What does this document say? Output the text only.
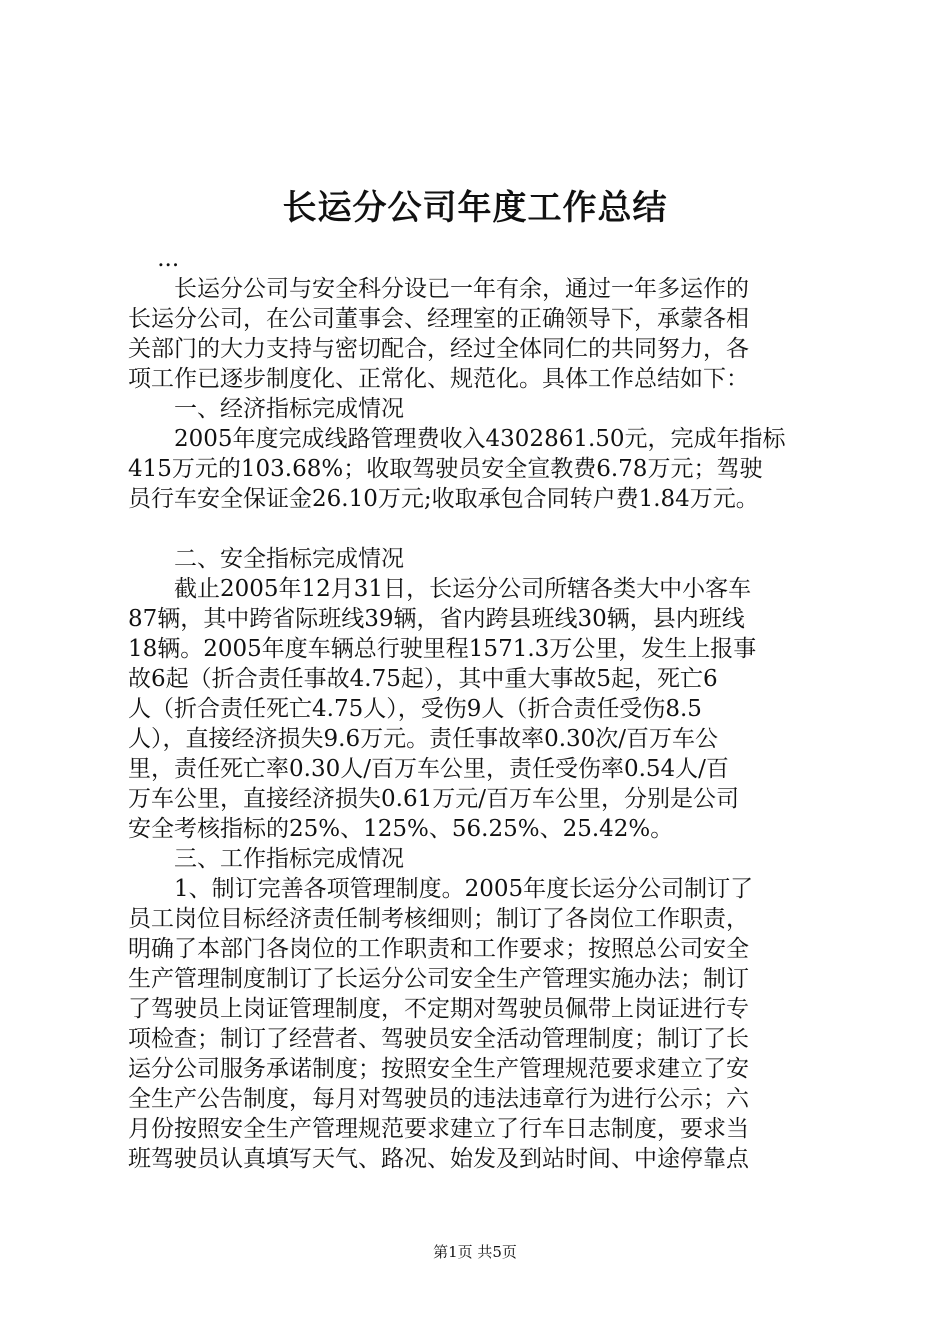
长运分公司年度工作总结
...
　　长运分公司与安全科分设已一年有余，通过一年多运作的
长运分公司，在公司董事会、经理室的正确领导下，承蒙各相
关部门的大力支持与密切配合，经过全体同仁的共同努力，各
项工作已逐步制度化、正常化、规范化。具体工作总结如下：
　　一、经济指标完成情况
　　2005年度完成线路管理费收入4302861.50元，完成年指标
415万元的103.68%；收取驾驶员安全宣教费6.78万元；驾驶
员行车安全保证金26.10万元;收取承包合同转户费1.84万元。
　　二、安全指标完成情况
　　截止2005年12月31日，长运分公司所辖各类大中小客车
87辆，其中跨省际班线39辆，省内跨县班线30辆，县内班线
18辆。2005年度车辆总行驶里程1571.3万公里，发生上报事
故6起（折合责任事故4.75起），其中重大事故5起，死亡6
人（折合责任死亡4.75人），受伤9人（折合责任受伤8.5
人），直接经济损失9.6万元。责任事故率0.30次/百万车公
里，责任死亡率0.30人/百万车公里，责任受伤率0.54人/百
万车公里，直接经济损失0.61万元/百万车公里，分别是公司
安全考核指标的25%、125%、56.25%、25.42%。
　　三、工作指标完成情况
　　1、制订完善各项管理制度。2005年度长运分公司制订了
员工岗位目标经济责任制考核细则；制订了各岗位工作职责，
明确了本部门各岗位的工作职责和工作要求；按照总公司安全
生产管理制度制订了长运分公司安全生产管理实施办法；制订
了驾驶员上岗证管理制度，不定期对驾驶员佩带上岗证进行专
项检查；制订了经营者、驾驶员安全活动管理制度；制订了长
运分公司服务承诺制度；按照安全生产管理规范要求建立了安
全生产公告制度，每月对驾驶员的违法违章行为进行公示；六
月份按照安全生产管理规范要求建立了行车日志制度，要求当
班驾驶员认真填写天气、路况、始发及到站时间、中途停靠点
第1页 共5页
